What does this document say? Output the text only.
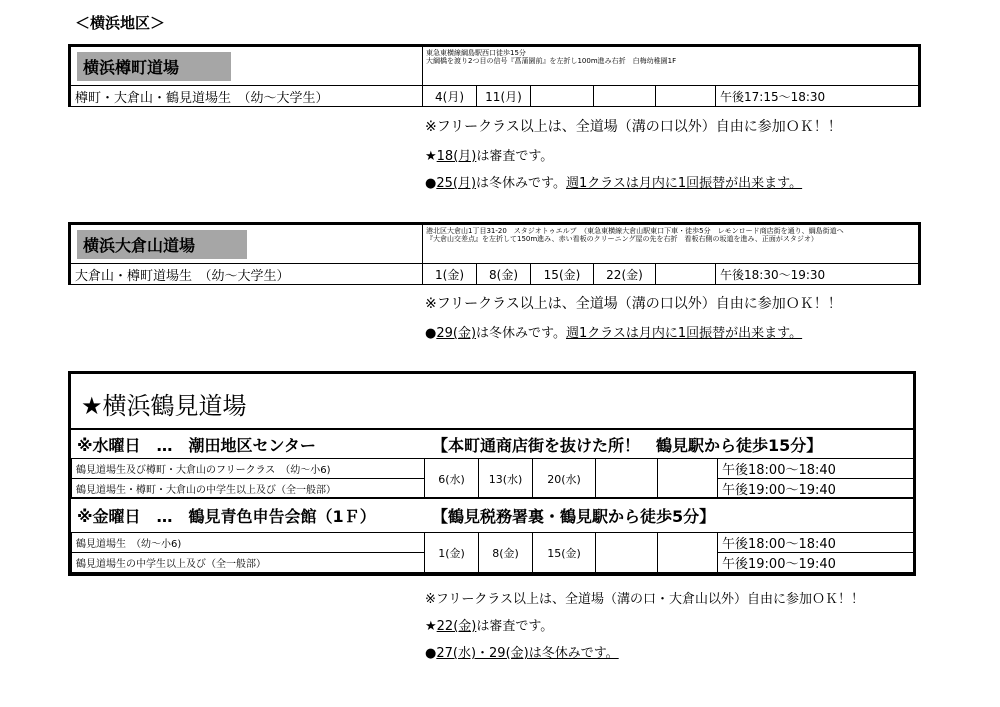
＜横浜地区＞
横浜樽町道場	東急東横線綱島駅西口徒歩15分
大綱橋を渡り2つ目の信号『菖蒲園前』を左折し100m進み右折　白梅幼稚園1F					

樽町・大倉山・鶴見道場生　（幼～大学生）	4(月)	11(月)				午後17:15～18:30
※フリークラス以上は、全道場（溝の口以外）自由に参加ＯＫ！！
★18(月)は審査です。
●25(月)は冬休みです。週1クラスは月内に1回振替が出来ます。
横浜大倉山道場	港北区大倉山1丁目31-20　スタジオトゥエルブ　（東急東横線大倉山駅東口下車・徒歩5分　レモンロード商店街を通り、綱島街道へ
『大倉山交差点』を左折して150m進み、赤い看板のクリーニング屋の先を右折　看板右側の坂道を進み、正面がスタジオ）					

大倉山・樽町道場生　（幼～大学生）	1(金)	8(金)	15(金)	22(金)		午後18:30～19:30
※フリークラス以上は、全道場（溝の口以外）自由に参加ＯＫ！！
●29(金)は冬休みです。週1クラスは月内に1回振替が出来ます。
★横浜鶴見道場
※水曜日　…　潮田地区センター	【本町通商店街を抜けた所！　鶴見駅から徒歩15分】
鶴見道場生及び樽町・大倉山のフリークラス　（幼～小6)	6(水)	13(水)	20(水)			午後18:00～18:40
鶴見道場生・樽町・大倉山の中学生以上及び（全一般部）						午後19:00～19:40
※金曜日　…　鶴見青色申告会館（1Ｆ）	【鶴見税務署裏・鶴見駅から徒歩5分】
鶴見道場生　（幼～小6)	1(金)	8(金)	15(金)			午後18:00～18:40
鶴見道場生の中学生以上及び（全一般部）						午後19:00～19:40
※フリークラス以上は、全道場（溝の口・大倉山以外）自由に参加ＯＫ！！
★22(金)は審査です。
●27(水)・29(金)は冬休みです。
